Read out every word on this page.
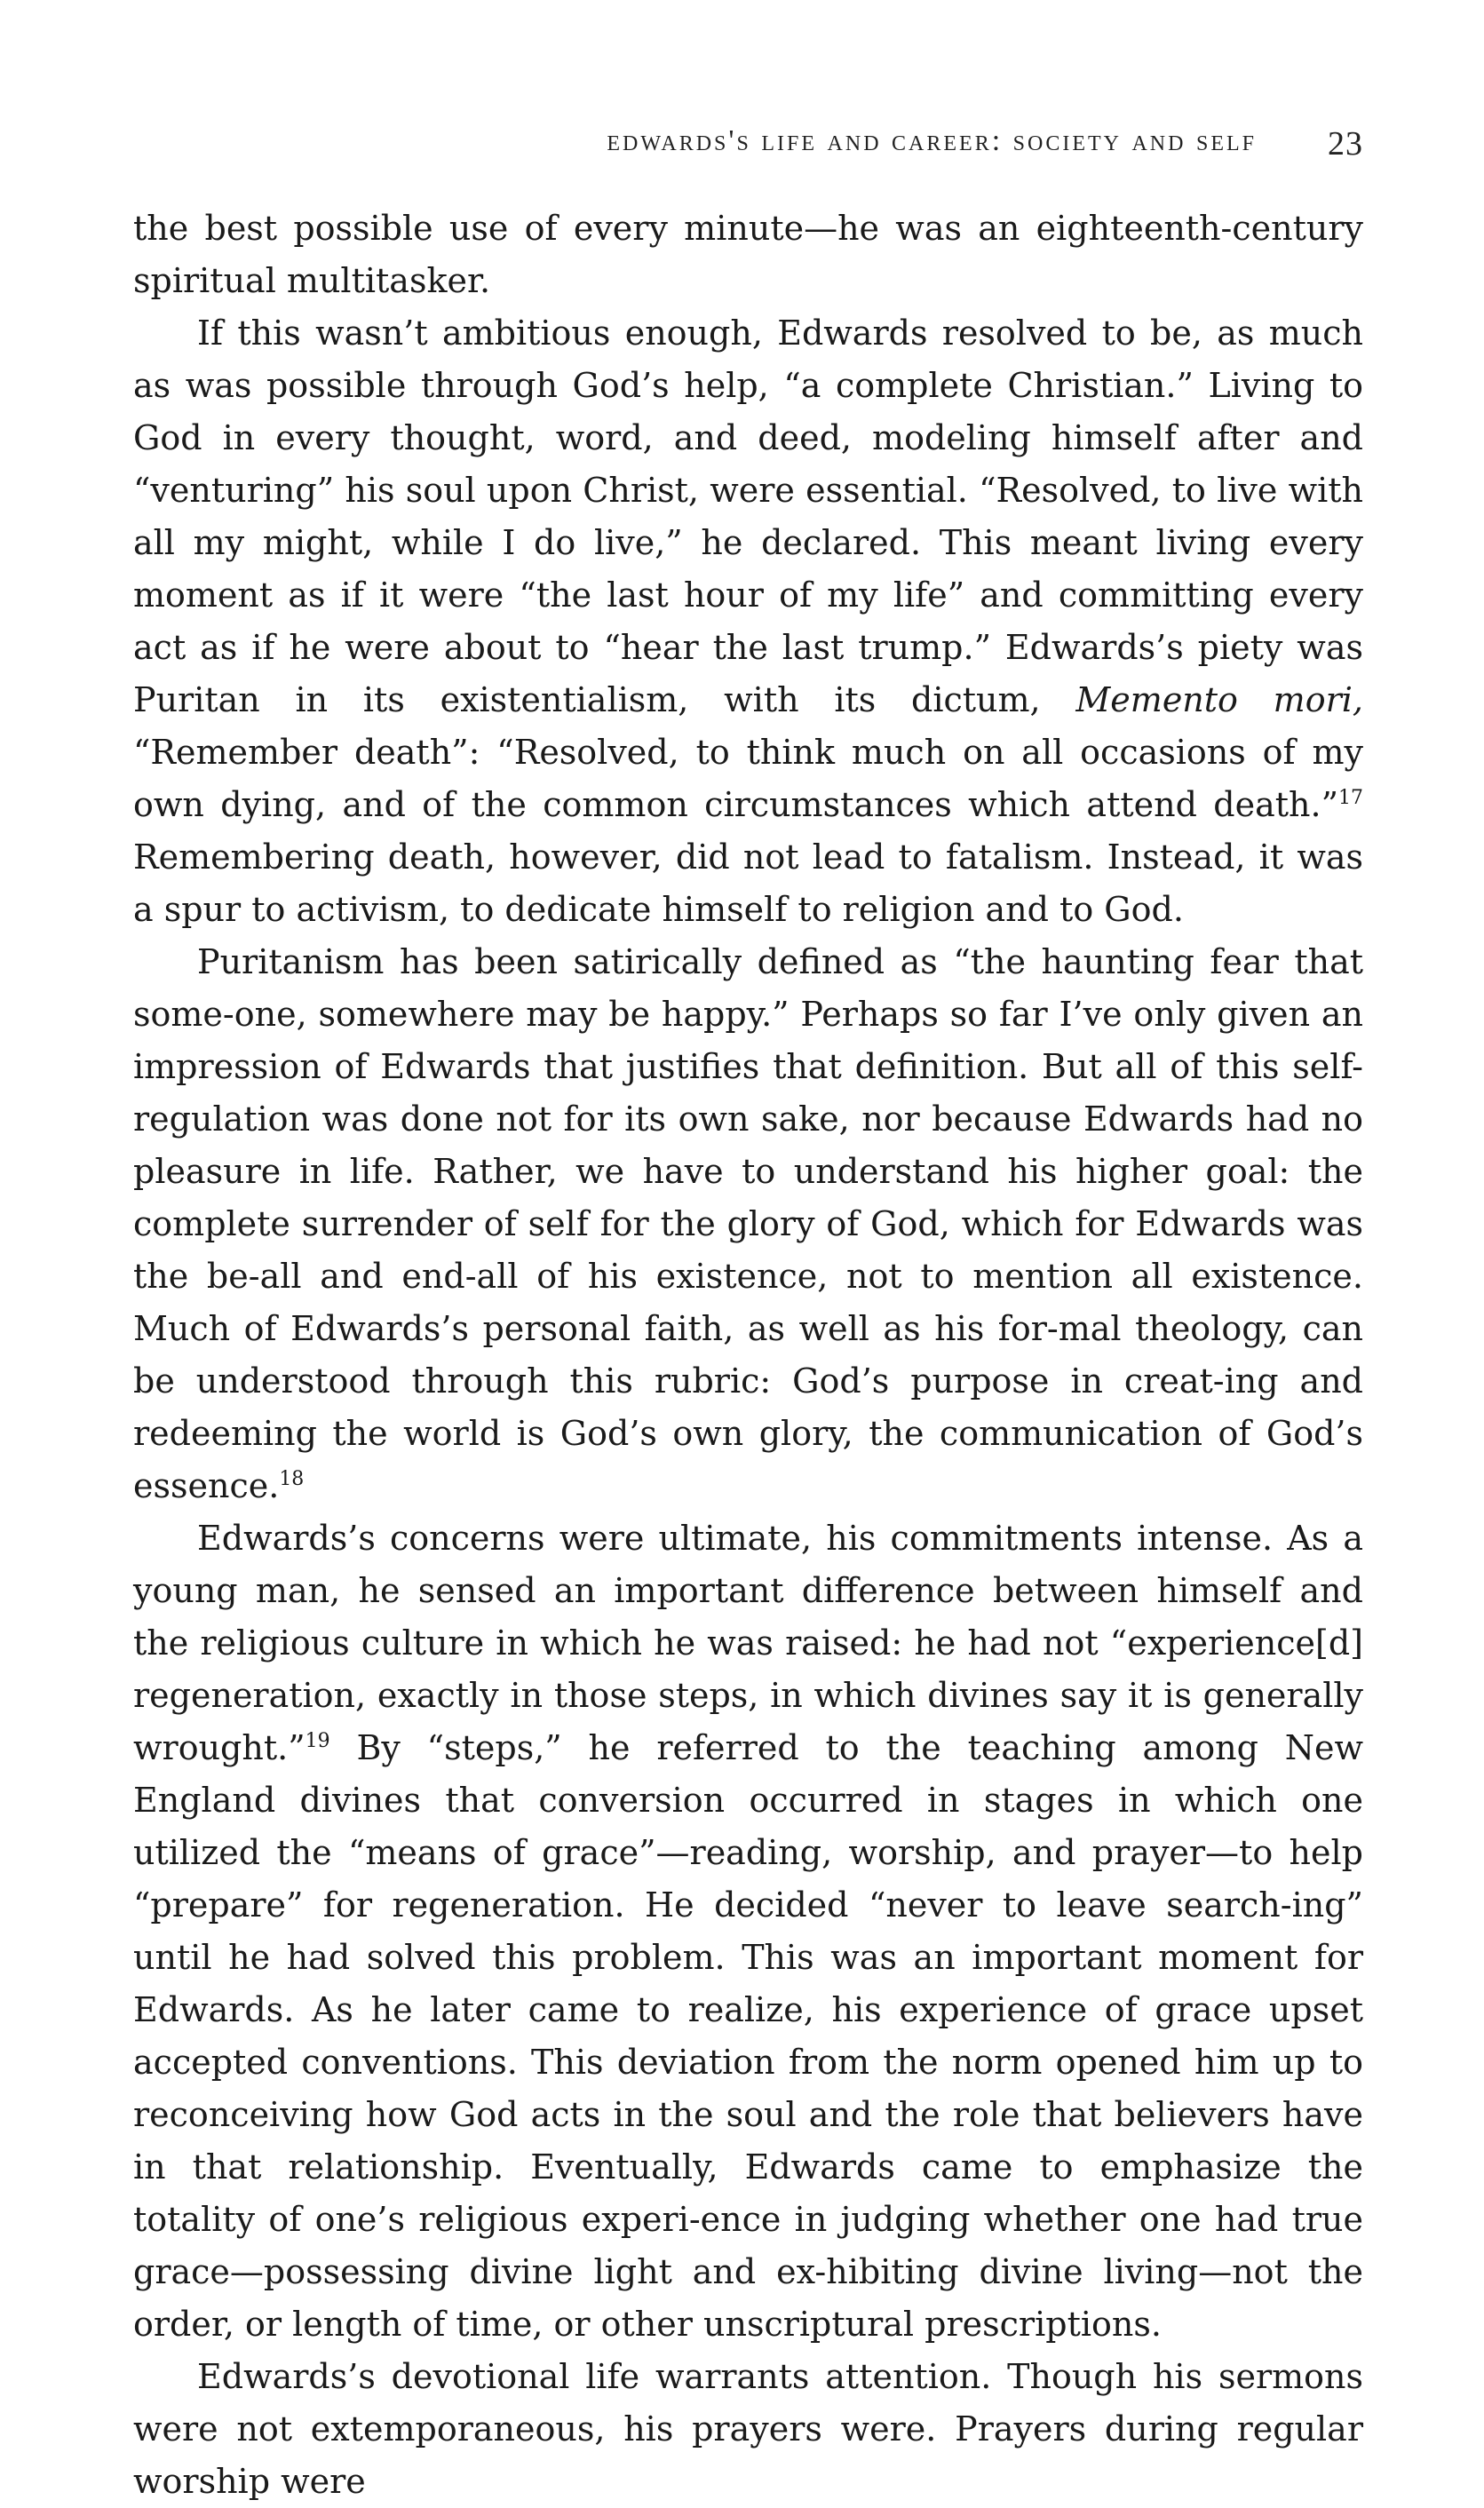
edwards's life and career: society and self 23

the best possible use of every minute—he was an eighteenth-century spiritual multitasker.

If this wasn’t ambitious enough, Edwards resolved to be, as much as was possible through God’s help, “a complete Christian.” Living to God in every thought, word, and deed, modeling himself after and “venturing” his soul upon Christ, were essential. “Resolved, to live with all my might, while I do live,” he declared. This meant living every moment as if it were “the last hour of my life” and committing every act as if he were about to “hear the last trump.” Edwards’s piety was Puritan in its existentialism, with its dictum, Memento mori, “Remember death”: “Resolved, to think much on all occasions of my own dying, and of the common circumstances which attend death.”$^{17}$ Remembering death, however, did not lead to fatalism. Instead, it was a spur to activism, to dedicate himself to religion and to God.

Puritanism has been satirically defined as “the haunting fear that some-one, somewhere may be happy.” Perhaps so far I’ve only given an impression of Edwards that justifies that definition. But all of this self-regulation was done not for its own sake, nor because Edwards had no pleasure in life. Rather, we have to understand his higher goal: the complete surrender of self for the glory of God, which for Edwards was the be-all and end-all of his existence, not to mention all existence. Much of Edwards’s personal faith, as well as his for-mal theology, can be understood through this rubric: God’s purpose in creat-ing and redeeming the world is God’s own glory, the communication of God’s essence.$^{18}$

Edwards’s concerns were ultimate, his commitments intense. As a young man, he sensed an important difference between himself and the religious culture in which he was raised: he had not “experience[d] regeneration, exactly in those steps, in which divines say it is generally wrought.”$^{19}$ By “steps,” he referred to the teaching among New England divines that conversion occurred in stages in which one utilized the “means of grace”—reading, worship, and prayer—to help “prepare” for regeneration. He decided “never to leave search-ing” until he had solved this problem. This was an important moment for Edwards. As he later came to realize, his experience of grace upset accepted conventions. This deviation from the norm opened him up to reconceiving how God acts in the soul and the role that believers have in that relationship. Eventually, Edwards came to emphasize the totality of one’s religious experi-ence in judging whether one had true grace—possessing divine light and ex-hibiting divine living—not the order, or length of time, or other unscriptural prescriptions.

Edwards’s devotional life warrants attention. Though his sermons were not extemporaneous, his prayers were. Prayers during regular worship were
